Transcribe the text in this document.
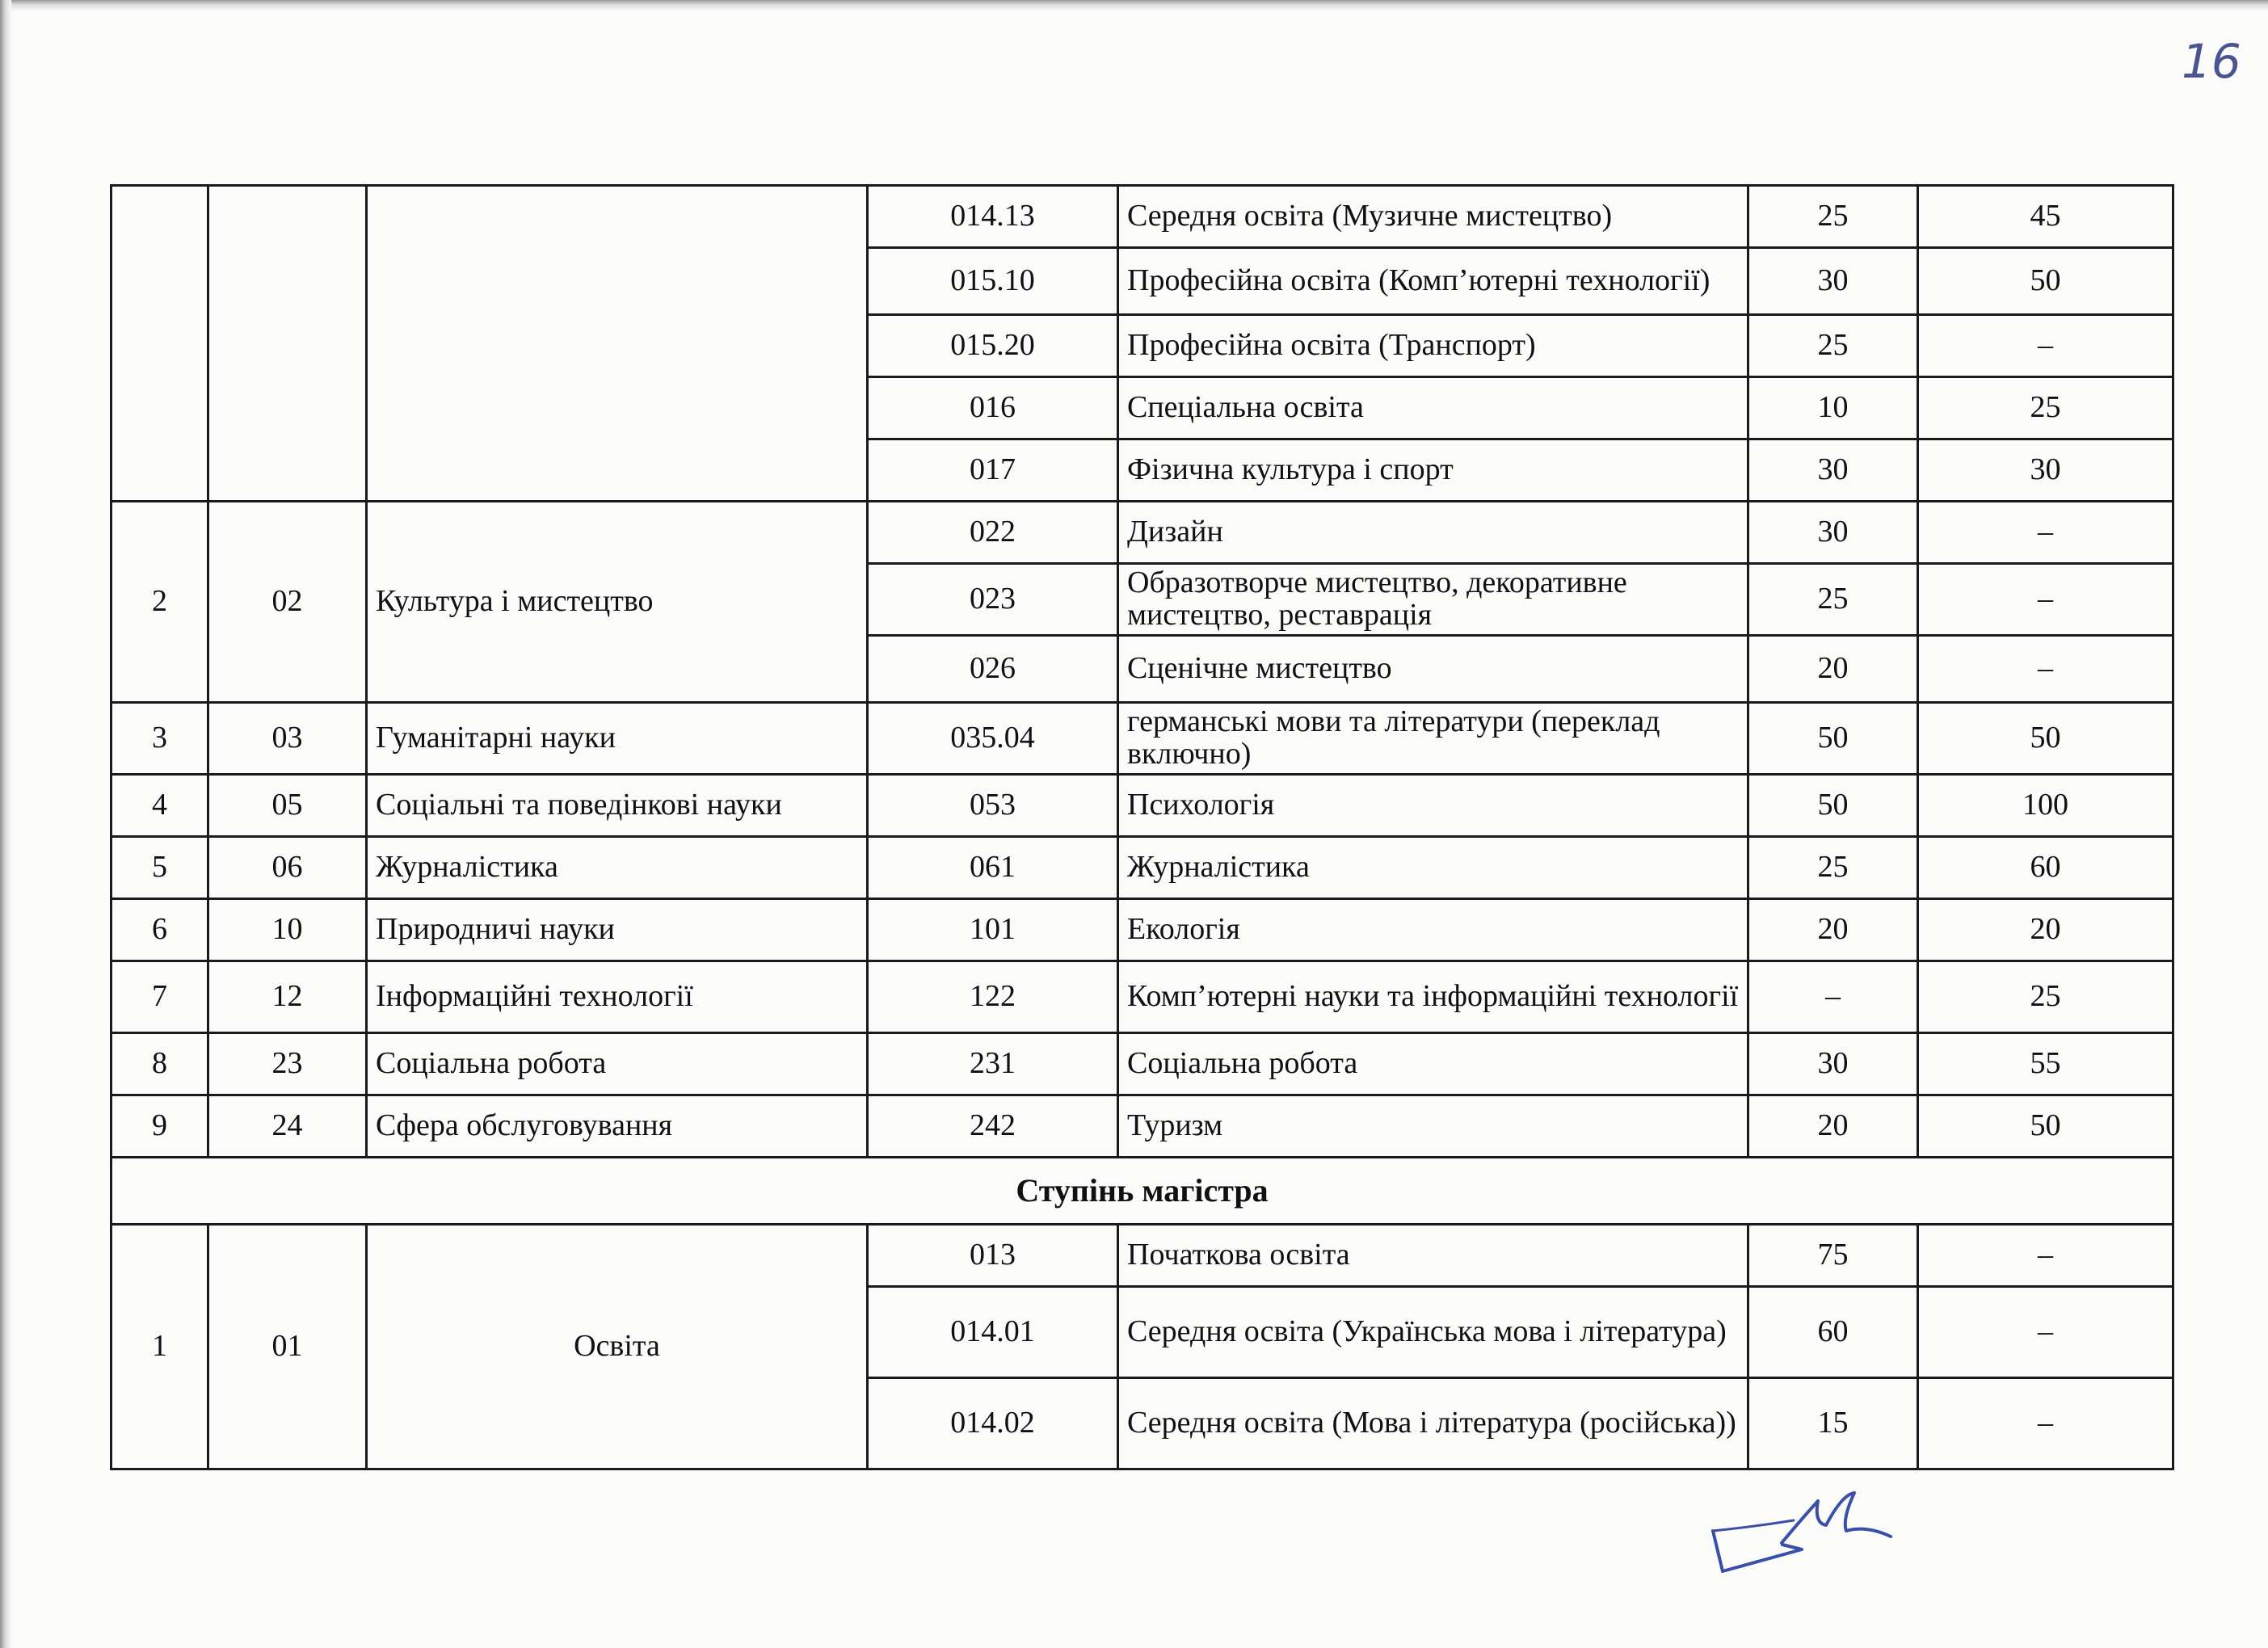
16
			014.13	Середня освіта (Музичне мистецтво)	25	45
			015.10	Професійна освіта (Комп’ютерні технології)	30	50
			015.20	Професійна освіта (Транспорт)	25	–
			016	Спеціальна освіта	10	25
			017	Фізична культура і спорт	30	30
2	02	Культура і мистецтво	022	Дизайн	30	–
			023	Образотворче мистецтво, декоративне мистецтво, реставрація	25	–
			026	Сценічне мистецтво	20	–
3	03	Гуманітарні науки	035.04	германські мови та літератури (переклад включно)	50	50
4	05	Соціальні та поведінкові науки	053	Психологія	50	100
5	06	Журналістика	061	Журналістика	25	60
6	10	Природничі науки	101	Екологія	20	20
7	12	Інформаційні технології	122	Комп’ютерні науки та інформаційні технології	–	25
8	23	Соціальна робота	231	Соціальна робота	30	55
9	24	Сфера обслуговування	242	Туризм	20	50
Ступінь магістра						
1	01	Освіта	013	Початкова освіта	75	–
			014.01	Середня освіта (Українська мова і література)	60	–
			014.02	Середня освіта (Мова і література (російська))	15	–
